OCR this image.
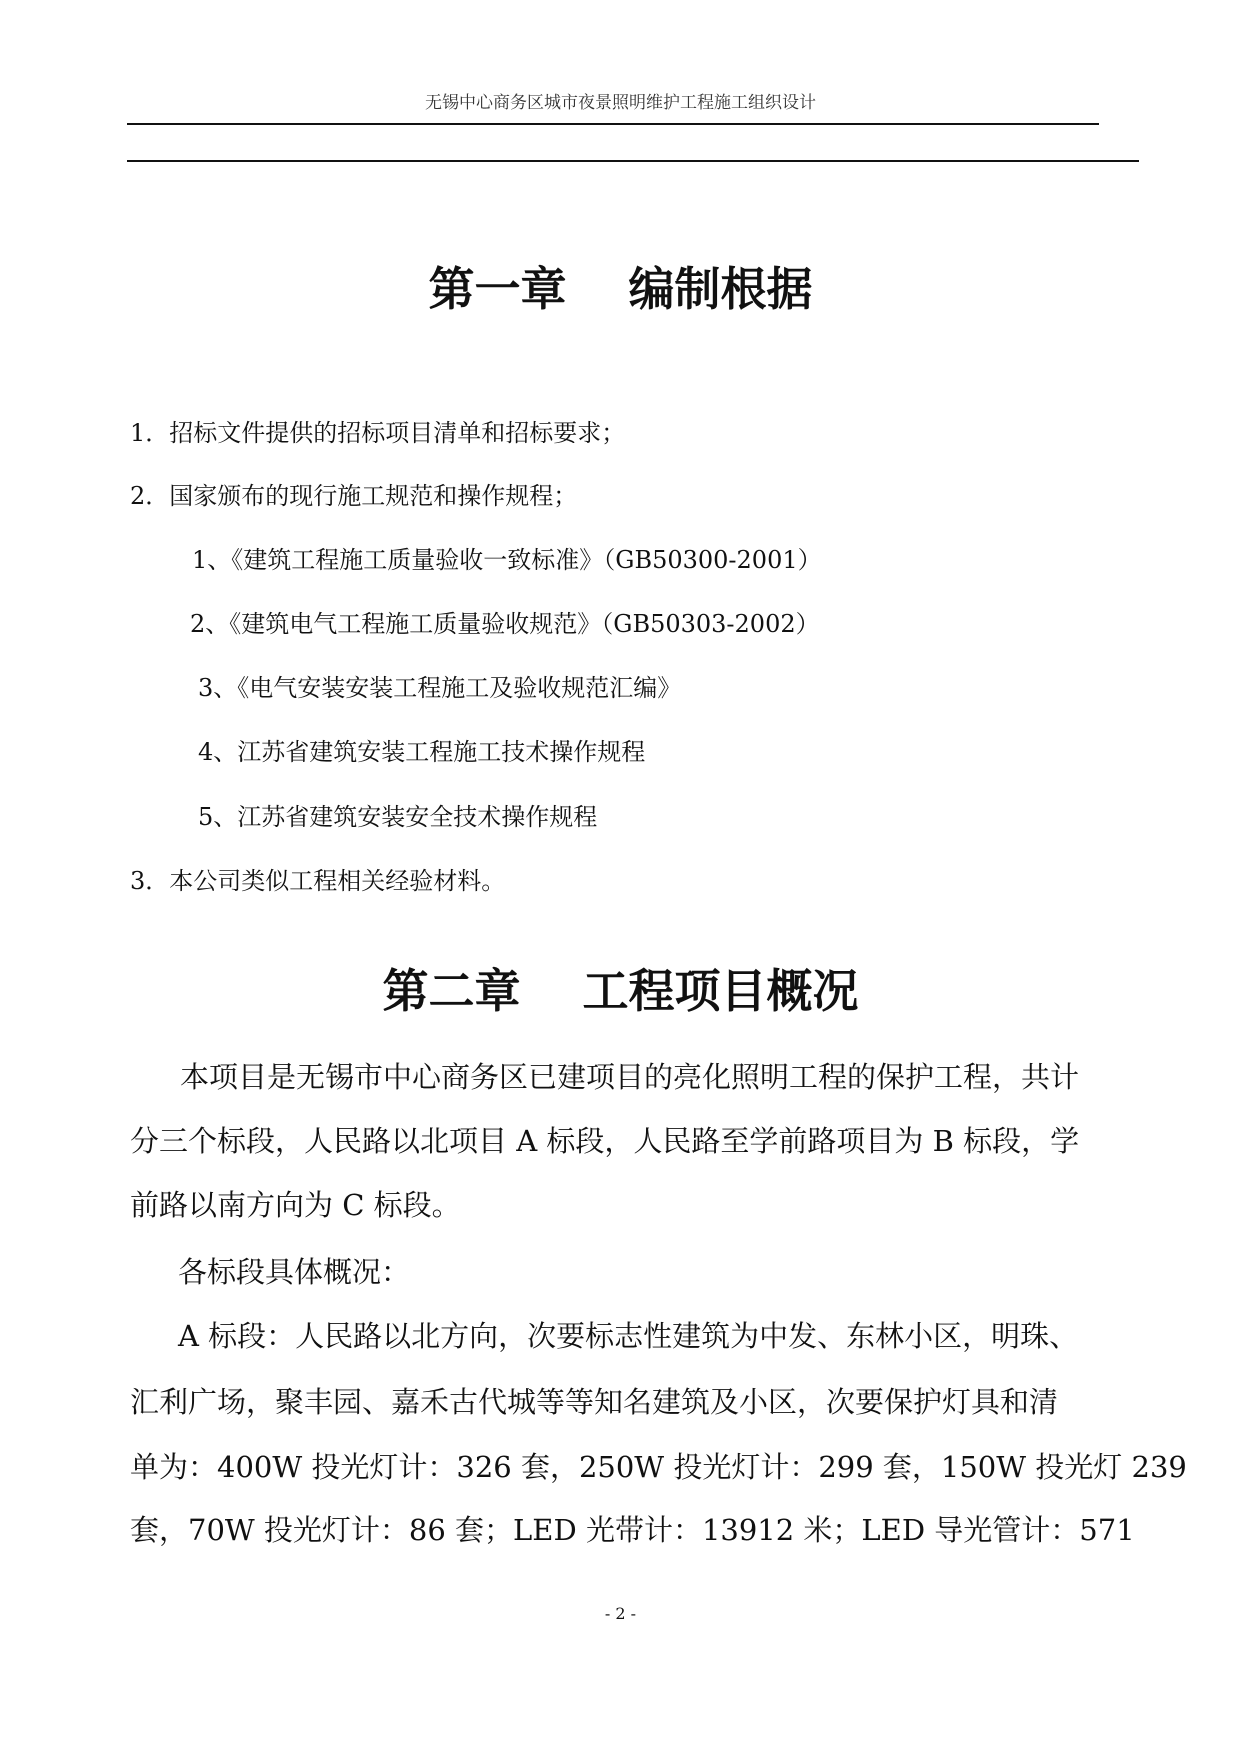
无锡中心商务区城市夜景照明维护工程施工组织设计
第一章　 编制根据
1．招标文件提供的招标项目清单和招标要求；
2．国家颁布的现行施工规范和操作规程；
1、《建筑工程施工质量验收一致标准》（GB50300-2001）
2、《建筑电气工程施工质量验收规范》（GB50303-2002）
3、《电气安装安装工程施工及验收规范汇编》
4、江苏省建筑安装工程施工技术操作规程
5、江苏省建筑安装安全技术操作规程
3．本公司类似工程相关经验材料。
第二章　 工程项目概况
本项目是无锡市中心商务区已建项目的亮化照明工程的保护工程，共计
分三个标段，人民路以北项目 A 标段，人民路至学前路项目为 B 标段，学
前路以南方向为 C 标段。
各标段具体概况：
A 标段：人民路以北方向，次要标志性建筑为中发、东林小区，明珠、
汇利广场，聚丰园、嘉禾古代城等等知名建筑及小区，次要保护灯具和清
单为：400W 投光灯计：326 套，250W 投光灯计：299 套，150W 投光灯 239
套，70W 投光灯计：86 套；LED 光带计：13912 米；LED 导光管计：571
- 2 -
